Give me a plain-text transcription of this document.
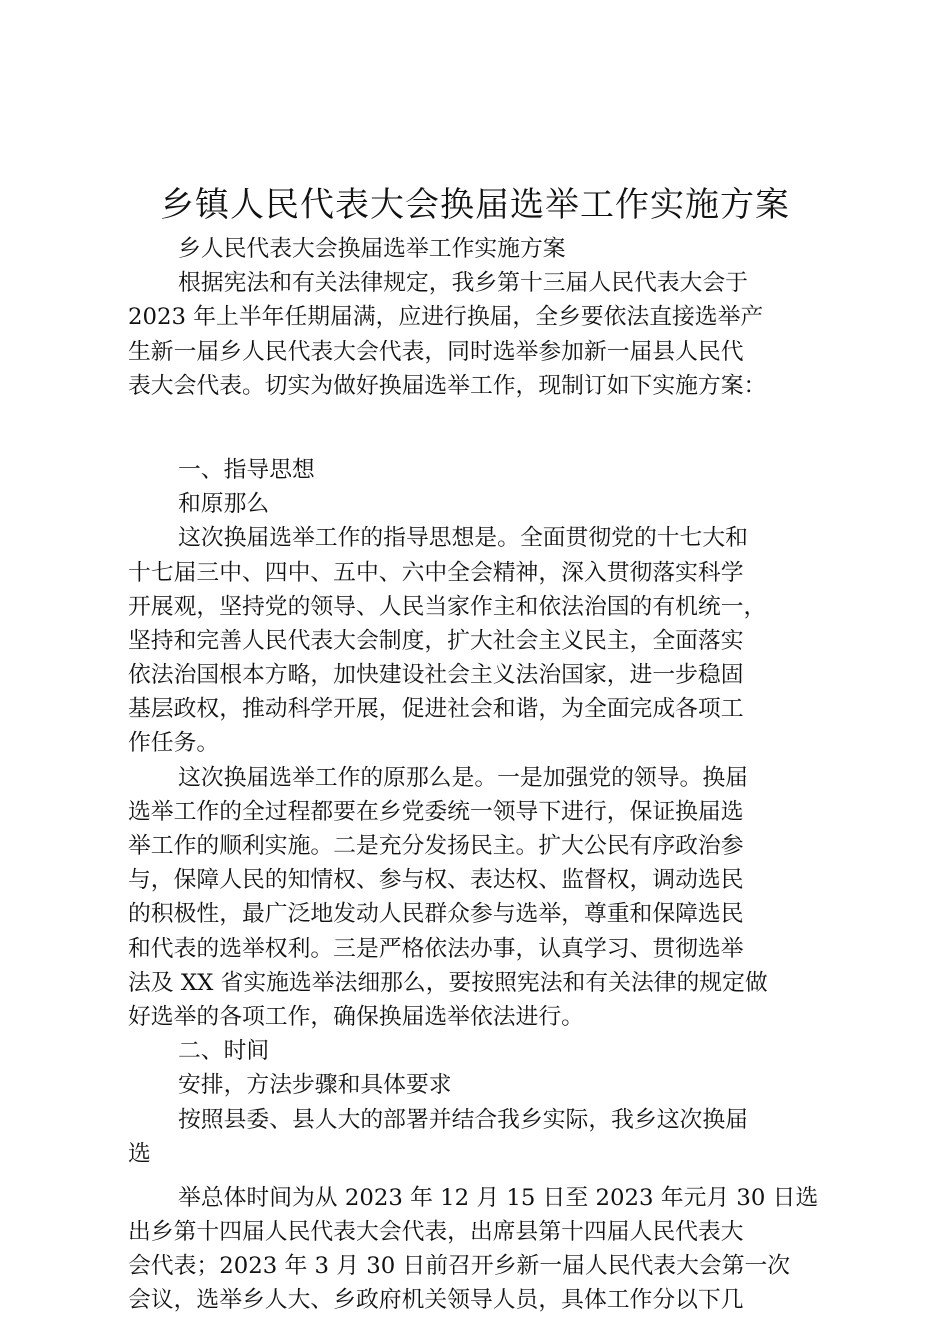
乡镇人民代表大会换届选举工作实施方案
乡人民代表大会换届选举工作实施方案
根据宪法和有关法律规定，我乡第十三届人民代表大会于
2023 年上半年任期届满，应进行换届，全乡要依法直接选举产
生新一届乡人民代表大会代表，同时选举参加新一届县人民代
表大会代表。切实为做好换届选举工作，现制订如下实施方案：
一、指导思想
和原那么
这次换届选举工作的指导思想是。全面贯彻党的十七大和
十七届三中、四中、五中、六中全会精神，深入贯彻落实科学
开展观，坚持党的领导、人民当家作主和依法治国的有机统一，
坚持和完善人民代表大会制度，扩大社会主义民主，全面落实
依法治国根本方略，加快建设社会主义法治国家，进一步稳固
基层政权，推动科学开展，促进社会和谐，为全面完成各项工
作任务。
这次换届选举工作的原那么是。一是加强党的领导。换届
选举工作的全过程都要在乡党委统一领导下进行，保证换届选
举工作的顺利实施。二是充分发扬民主。扩大公民有序政治参
与，保障人民的知情权、参与权、表达权、监督权，调动选民
的积极性，最广泛地发动人民群众参与选举，尊重和保障选民
和代表的选举权利。三是严格依法办事，认真学习、贯彻选举
法及 XX 省实施选举法细那么，要按照宪法和有关法律的规定做
好选举的各项工作，确保换届选举依法进行。
二、时间
安排，方法步骤和具体要求
按照县委、县人大的部署并结合我乡实际，我乡这次换届
选
举总体时间为从 2023 年 12 月 15 日至 2023 年元月 30 日选
出乡第十四届人民代表大会代表，出席县第十四届人民代表大
会代表；2023 年 3 月 30 日前召开乡新一届人民代表大会第一次
会议，选举乡人大、乡政府机关领导人员，具体工作分以下几
